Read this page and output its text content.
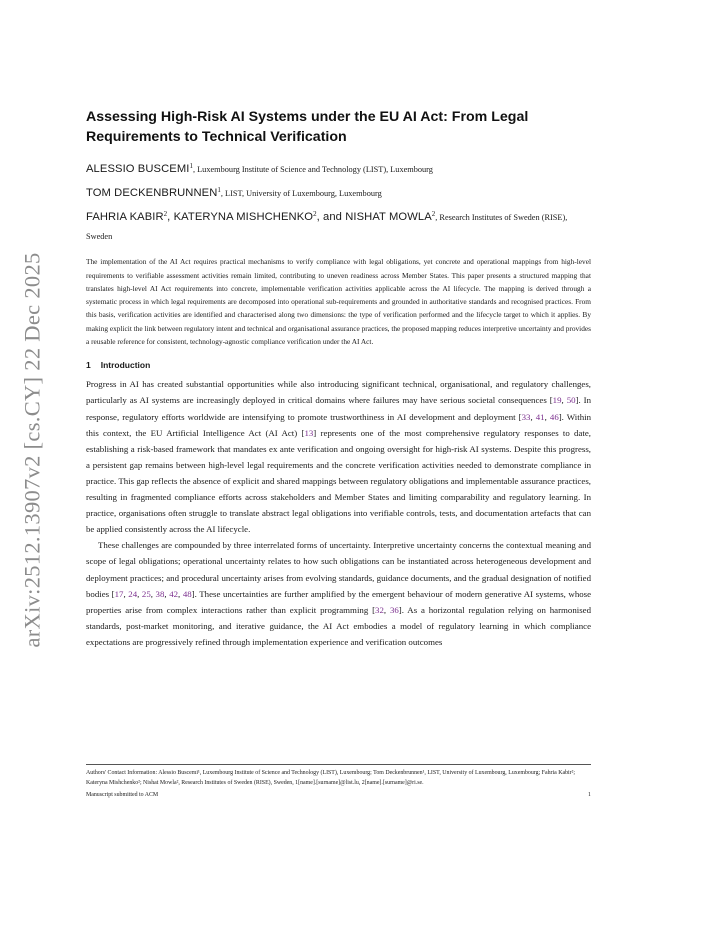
arXiv:2512.13907v2 [cs.CY] 22 Dec 2025
Assessing High-Risk AI Systems under the EU AI Act: From Legal Requirements to Technical Verification
ALESSIO BUSCEMI$^1$, Luxembourg Institute of Science and Technology (LIST), Luxembourg
TOM DECKENBRUNNEN$^1$, LIST, University of Luxembourg, Luxembourg
FAHRIA KABIR$^2$, KATERYNA MISHCHENKO$^2$, and NISHAT MOWLA$^2$, Research Institutes of Sweden (RISE), Sweden

The implementation of the AI Act requires practical mechanisms to verify compliance with legal obligations, yet concrete and operational mappings from high-level requirements to verifiable assessment activities remain limited, contributing to uneven readiness across Member States. This paper presents a structured mapping that translates high-level AI Act requirements into concrete, implementable verification activities applicable across the AI lifecycle. The mapping is derived through a systematic process in which legal requirements are decomposed into operational sub-requirements and grounded in authoritative standards and recognised practices. From this basis, verification activities are identified and characterised along two dimensions: the type of verification performed and the lifecycle target to which it applies. By making explicit the link between regulatory intent and technical and organisational assurance practices, the proposed mapping reduces interpretive uncertainty and provides a reusable reference for consistent, technology-agnostic compliance verification under the AI Act.

1 Introduction

Progress in AI has created substantial opportunities while also introducing significant technical, organisational, and regulatory challenges, particularly as AI systems are increasingly deployed in critical domains where failures may have serious societal consequences [19, 50]. In response, regulatory efforts worldwide are intensifying to promote trustworthiness in AI development and deployment [33, 41, 46]. Within this context, the EU Artificial Intelligence Act (AI Act) [13] represents one of the most comprehensive regulatory responses to date, establishing a risk-based framework that mandates ex ante verification and ongoing oversight for high-risk AI systems. Despite this progress, a persistent gap remains between high-level legal requirements and the concrete verification activities needed to demonstrate compliance in practice. This gap reflects the absence of explicit and shared mappings between regulatory obligations and implementable assurance practices, resulting in fragmented compliance efforts across stakeholders and Member States and limiting comparability and regulatory learning. In practice, organisations often struggle to translate abstract legal obligations into verifiable controls, tests, and documentation artefacts that can be applied consistently across the AI lifecycle.

These challenges are compounded by three interrelated forms of uncertainty. Interpretive uncertainty concerns the contextual meaning and scope of legal obligations; operational uncertainty relates to how such obligations can be instantiated across heterogeneous development and deployment practices; and procedural uncertainty arises from evolving standards, guidance documents, and the gradual designation of notified bodies [17, 24, 25, 38, 42, 48]. These uncertainties are further amplified by the emergent behaviour of modern generative AI systems, whose properties arise from complex interactions rather than explicit programming [32, 36]. As a horizontal regulation relying on harmonised standards, post-market monitoring, and iterative guidance, the AI Act embodies a model of regulatory learning in which compliance expectations are progressively refined through implementation experience and verification outcomes

Authors' Contact Information: Alessio Buscemi¹, Luxembourg Institute of Science and Technology (LIST), Luxembourg; Tom Deckenbrunnen¹, LIST, University of Luxembourg, Luxembourg; Fahria Kabir²; Kateryna Mishchenko²; Nishat Mowla², Research Institutes of Sweden (RISE), Sweden, 1[name].[surname]@list.lu, 2[name].[surname]@ri.se.
Manuscript submitted to ACM	1
